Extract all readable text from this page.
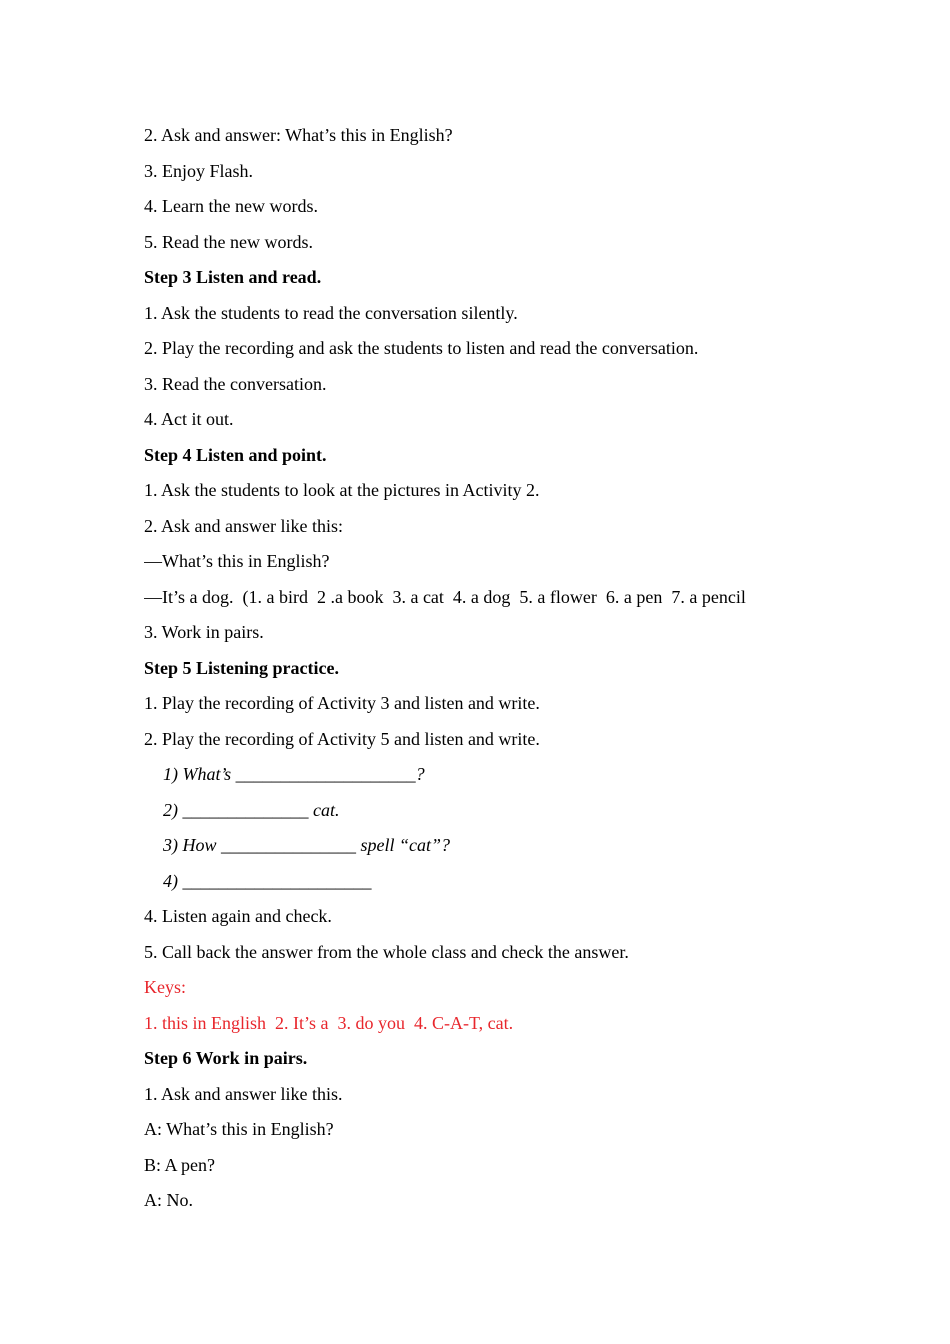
2. Ask and answer: What’s this in English?
3. Enjoy Flash.
4. Learn the new words.
5. Read the new words.
Step 3 Listen and read.
1. Ask the students to read the conversation silently.
2. Play the recording and ask the students to listen and read the conversation.
3. Read the conversation.
4. Act it out.
Step 4 Listen and point.
1. Ask the students to look at the pictures in Activity 2.
2. Ask and answer like this:
—What’s this in English?
—It’s a dog.  (1. a bird  2 .a book  3. a cat  4. a dog  5. a flower  6. a pen  7. a pencil
3. Work in pairs.
Step 5 Listening practice.
1. Play the recording of Activity 3 and listen and write.
2. Play the recording of Activity 5 and listen and write.
1) What’s ____________________?
2) ______________ cat.
3) How _______________ spell “cat”?
4) _____________________
4. Listen again and check.
5. Call back the answer from the whole class and check the answer.
Keys:
1. this in English  2. It’s a  3. do you  4. C-A-T, cat.
Step 6 Work in pairs.
1. Ask and answer like this.
A: What’s this in English?
B: A pen?
A: No.
